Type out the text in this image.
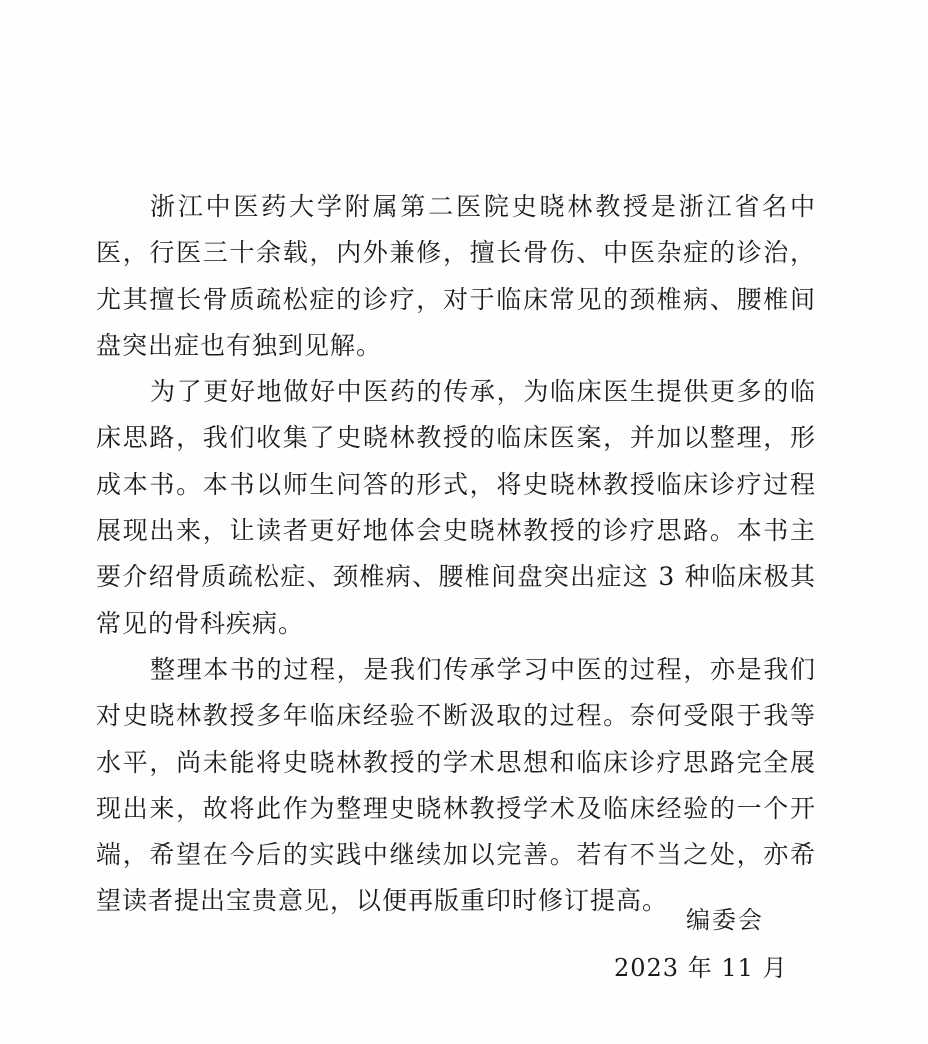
浙江中医药大学附属第二医院史晓林教授是浙江省名中医，行医三十余载，内外兼修，擅长骨伤、中医杂症的诊治，尤其擅长骨质疏松症的诊疗，对于临床常见的颈椎病、腰椎间盘突出症也有独到见解。

为了更好地做好中医药的传承，为临床医生提供更多的临床思路，我们收集了史晓林教授的临床医案，并加以整理，形成本书。本书以师生问答的形式，将史晓林教授临床诊疗过程展现出来，让读者更好地体会史晓林教授的诊疗思路。本书主要介绍骨质疏松症、颈椎病、腰椎间盘突出症这 3 种临床极其常见的骨科疾病。

整理本书的过程，是我们传承学习中医的过程，亦是我们对史晓林教授多年临床经验不断汲取的过程。奈何受限于我等水平，尚未能将史晓林教授的学术思想和临床诊疗思路完全展现出来，故将此作为整理史晓林教授学术及临床经验的一个开端，希望在今后的实践中继续加以完善。若有不当之处，亦希望读者提出宝贵意见，以便再版重印时修订提高。

编委会
2023 年 11 月
